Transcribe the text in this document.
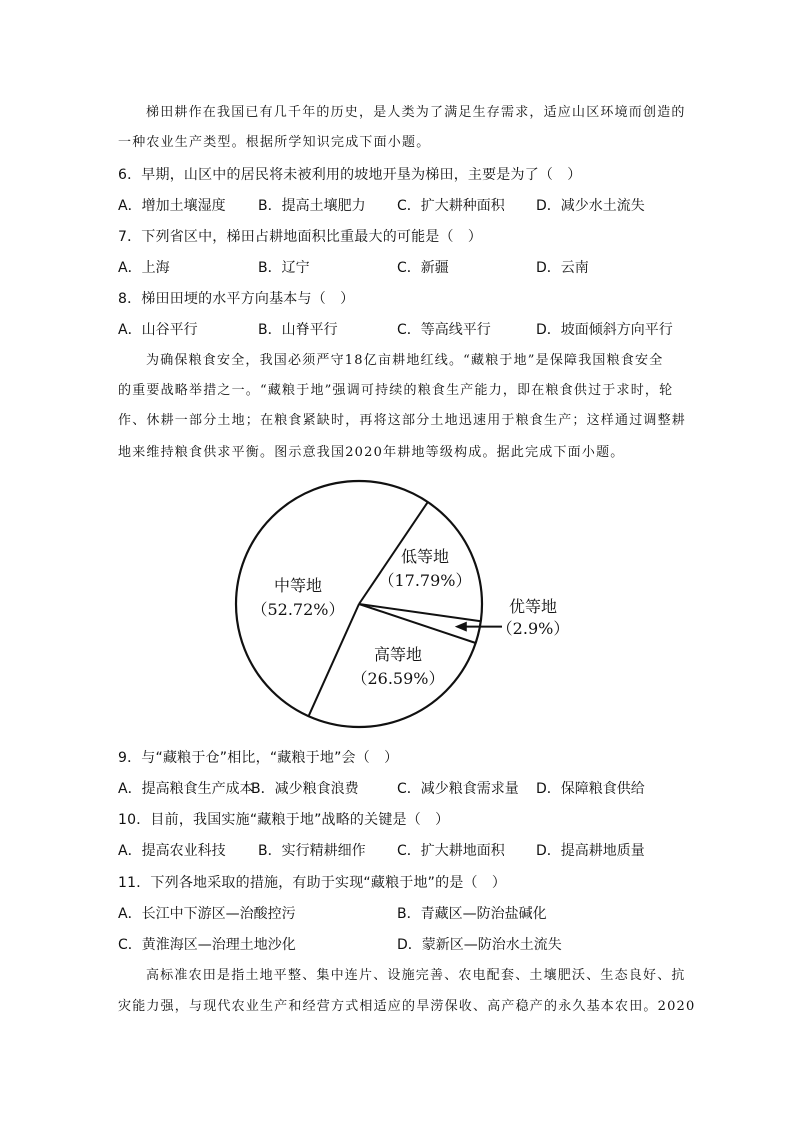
梯田耕作在我国已有几千年的历史，是人类为了满足生存需求，适应山区环境而创造的
一种农业生产类型。根据所学知识完成下面小题。
6．早期，山区中的居民将未被利用的坡地开垦为梯田，主要是为了（　）
A．增加土壤湿度 B．提高土壤肥力 C．扩大耕种面积 D．减少水土流失
7．下列省区中，梯田占耕地面积比重最大的可能是（　）
A．上海	B．辽宁	C．新疆	D．云南
8．梯田田埂的水平方向基本与（　）
A．山谷平行	B．山脊平行	C．等高线平行	D．坡面倾斜方向平行
为确保粮食安全，我国必须严守18亿亩耕地红线。“藏粮于地”是保障我国粮食安全
的重要战略举措之一。“藏粮于地”强调可持续的粮食生产能力，即在粮食供过于求时，轮
作、休耕一部分土地；在粮食紧缺时，再将这部分土地迅速用于粮食生产；这样通过调整耕
地来维持粮食供求平衡。图示意我国2020年耕地等级构成。据此完成下面小题。
低等地
（17.79%）
优等地
（2.9%）
高等地
（26.59%）
中等地
（52.72%）
9．与“藏粮于仓”相比，“藏粮于地”会（　）
A．提高粮食生产成本
B．减少粮食浪费	C．减少粮食需求量 D．保障粮食供给
10．目前，我国实施“藏粮于地”战略的关键是（　）
A．提高农业科技 B．实行精耕细作 C．扩大耕地面积 D．提高耕地质量
11．下列各地采取的措施，有助于实现“藏粮于地”的是（　）
A．长江中下游区—治酸控污	B．青藏区—防治盐碱化
C．黄淮海区—治理土地沙化	D．蒙新区—防治水土流失
高标准农田是指土地平整、集中连片、设施完善、农电配套、土壤肥沃、生态良好、抗
灾能力强，与现代农业生产和经营方式相适应的旱涝保收、高产稳产的永久基本农田。2020
